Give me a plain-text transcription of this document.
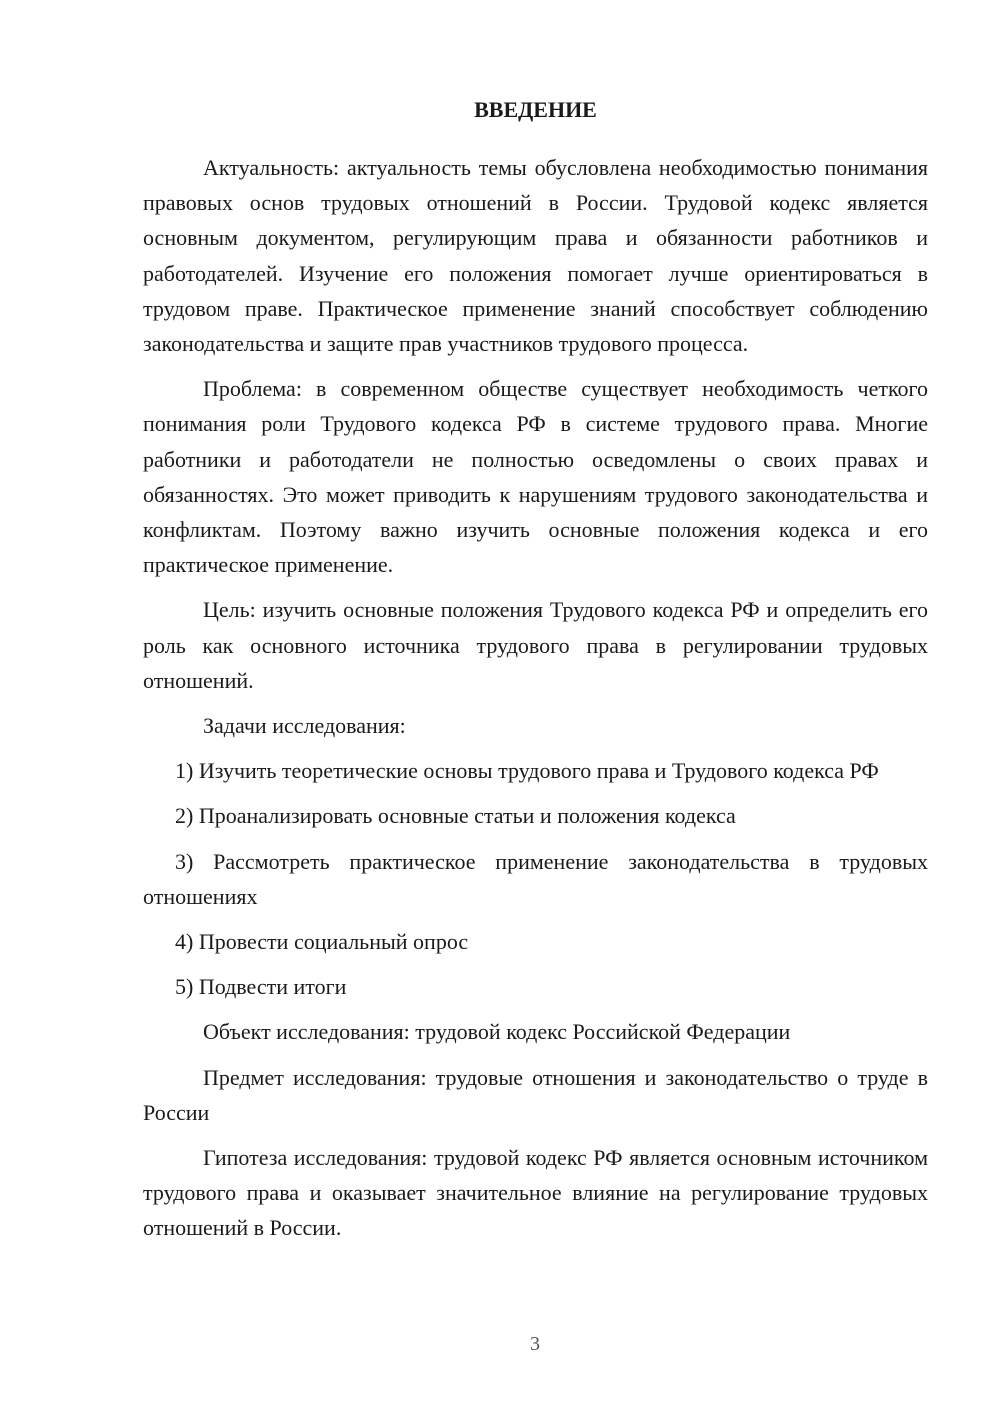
ВВЕДЕНИЕ

Актуальность: актуальность темы обусловлена необходимостью понимания правовых основ трудовых отношений в России. Трудовой кодекс является основным документом, регулирующим права и обязанности работников и работодателей. Изучение его положения помогает лучше ориентироваться в трудовом праве. Практическое применение знаний способствует соблюдению законодательства и защите прав участников трудового процесса.

Проблема: в современном обществе существует необходимость четкого понимания роли Трудового кодекса РФ в системе трудового права. Многие работники и работодатели не полностью осведомлены о своих правах и обязанностях. Это может приводить к нарушениям трудового законодательства и конфликтам. Поэтому важно изучить основные положения кодекса и его практическое применение.

Цель: изучить основные положения Трудового кодекса РФ и определить его роль как основного источника трудового права в регулировании трудовых отношений.

Задачи исследования:

1) Изучить теоретические основы трудового права и Трудового кодекса РФ

2) Проанализировать основные статьи и положения кодекса

3) Рассмотреть практическое применение законодательства в трудовых отношениях

4) Провести социальный опрос

5) Подвести итоги

Объект исследования: трудовой кодекс Российской Федерации

Предмет исследования: трудовые отношения и законодательство о труде в России

Гипотеза исследования: трудовой кодекс РФ является основным источником трудового права и оказывает значительное влияние на регулирование трудовых отношений в России.

3
